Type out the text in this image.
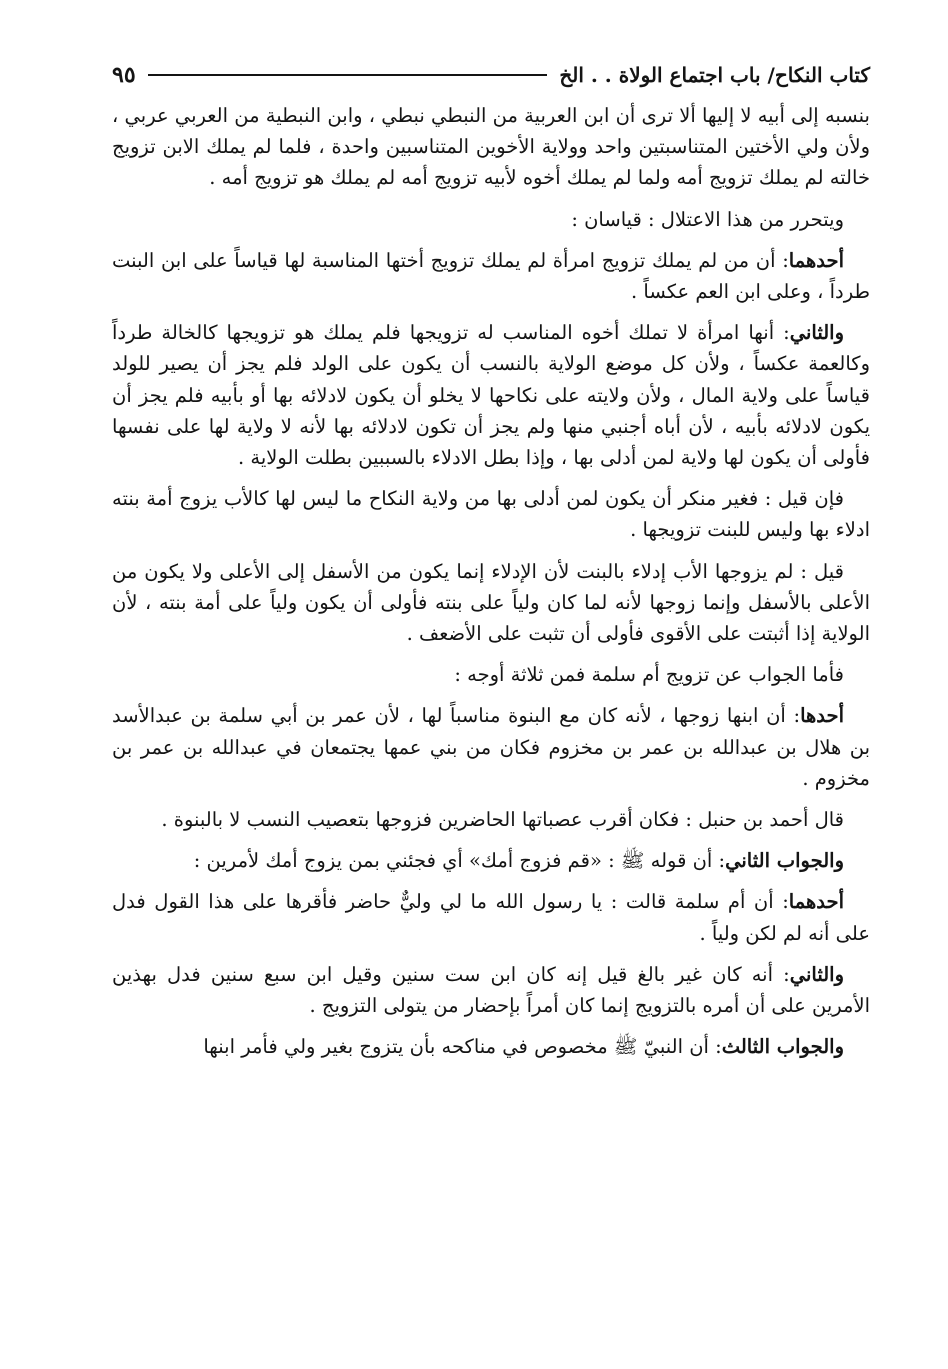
كتاب النكاح/ باب اجتماع الولاة . . الخ
٩٥

بنسبه إلى أبيه لا إليها ألا ترى أن ابن العربية من النبطي نبطي ، وابن النبطية من العربي عربي ، ولأن ولي الأختين المتناسبتين واحد وولاية الأخوين المتناسبين واحدة ، فلما لم يملك الابن تزويج خالته لم يملك تزويج أمه ولما لم يملك أخوه لأبيه تزويج أمه لم يملك هو تزويج أمه .

ويتحرر من هذا الاعتلال : قياسان :

أحدهما: أن من لم يملك تزويج امرأة لم يملك تزويج أختها المناسبة لها قياساً على ابن البنت طرداً ، وعلى ابن العم عكساً .

والثاني: أنها امرأة لا تملك أخوه المناسب له تزويجها فلم يملك هو تزويجها كالخالة طرداً وكالعمة عكساً ، ولأن كل موضع الولاية بالنسب أن يكون على الولد فلم يجز أن يصير للولد قياساً على ولاية المال ، ولأن ولايته على نكاحها لا يخلو أن يكون لادلائه بها أو بأبيه فلم يجز أن يكون لادلائه بأبيه ، لأن أباه أجنبي منها ولم يجز أن تكون لادلائه بها لأنه لا ولاية لها على نفسها فأولى أن يكون لها ولاية لمن أدلى بها ، وإذا بطل الادلاء بالسببين بطلت الولاية .

فإن قيل : فغير منكر أن يكون لمن أدلى بها من ولاية النكاح ما ليس لها كالأب يزوج أمة بنته ادلاء بها وليس للبنت تزويجها .

قيل : لم يزوجها الأب إدلاء بالبنت لأن الإدلاء إنما يكون من الأسفل إلى الأعلى ولا يكون من الأعلى بالأسفل وإنما زوجها لأنه لما كان ولياً على بنته فأولى أن يكون ولياً على أمة بنته ، لأن الولاية إذا أثبتت على الأقوى فأولى أن تثبت على الأضعف .

فأما الجواب عن تزويج أم سلمة فمن ثلاثة أوجه :

أحدها: أن ابنها زوجها ، لأنه كان مع البنوة مناسباً لها ، لأن عمر بن أبي سلمة بن عبدالأسد بن هلال بن عبدالله بن عمر بن مخزوم فكان من بني عمها يجتمعان في عبدالله بن عمر بن مخزوم .

قال أحمد بن حنبل : فكان أقرب عصباتها الحاضرين فزوجها بتعصيب النسب لا بالبنوة .

والجواب الثاني: أن قوله ﷺ : «قم فزوج أمك» أي فجئني بمن يزوج أمك لأمرين :

أحدهما: أن أم سلمة قالت : يا رسول الله ما لي وليٌّ حاضر فأقرها على هذا القول فدل على أنه لم لكن ولياً .

والثاني: أنه كان غير بالغ قيل إنه كان ابن ست سنين وقيل ابن سبع سنين فدل بهذين الأمرين على أن أمره بالتزويج إنما كان أمراً بإحضار من يتولى التزويج .

والجواب الثالث: أن النبيّ ﷺ مخصوص في مناكحه بأن يتزوج بغير ولي فأمر ابنها
